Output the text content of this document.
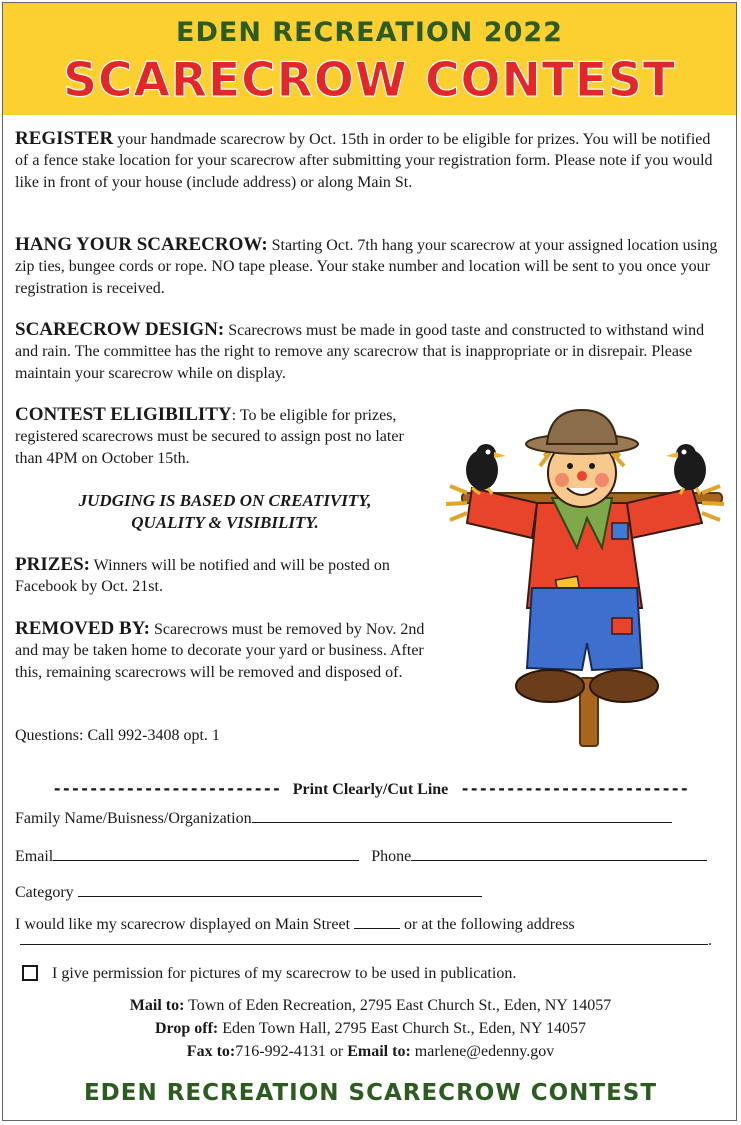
EDEN RECREATION 2022
SCARECROW CONTEST
REGISTER your handmade scarecrow by Oct. 15th in order to be eligible for prizes. You will be notified of a fence stake location for your scarecrow after submitting your registration form. Please note if you would like in front of your house (include address) or along Main St.
HANG YOUR SCARECROW: Starting Oct. 7th hang your scarecrow at your assigned location using zip ties, bungee cords or rope. NO tape please. Your stake number and location will be sent to you once your registration is received.
SCARECROW DESIGN: Scarecrows must be made in good taste and constructed to withstand wind and rain. The committee has the right to remove any scarecrow that is inappropriate or in disrepair. Please maintain your scarecrow while on display.
CONTEST ELIGIBILITY: To be eligible for prizes, registered scarecrows must be secured to assign post no later than 4PM on October 15th.
JUDGING IS BASED ON CREATIVITY,
QUALITY & VISIBILITY.
PRIZES: Winners will be notified and will be posted on Facebook by Oct. 21st.
REMOVED BY: Scarecrows must be removed by Nov. 2nd and may be taken home to decorate your yard or business. After this, remaining scarecrows will be removed and disposed of.
Questions: Call 992-3408 opt. 1
------------------------- Print Clearly/Cut Line -------------------------
Family Name/Buisness/Organization
Email	Phone
Category
I would like my scarecrow displayed on Main Street	or at the following address
.
I give permission for pictures of my scarecrow to be used in publication.
Mail to: Town of Eden Recreation, 2795 East Church St., Eden, NY 14057
Drop off: Eden Town Hall, 2795 East Church St., Eden, NY 14057
Fax to:716-992-4131 or Email to: marlene@edenny.gov
EDEN RECREATION SCARECROW CONTEST
